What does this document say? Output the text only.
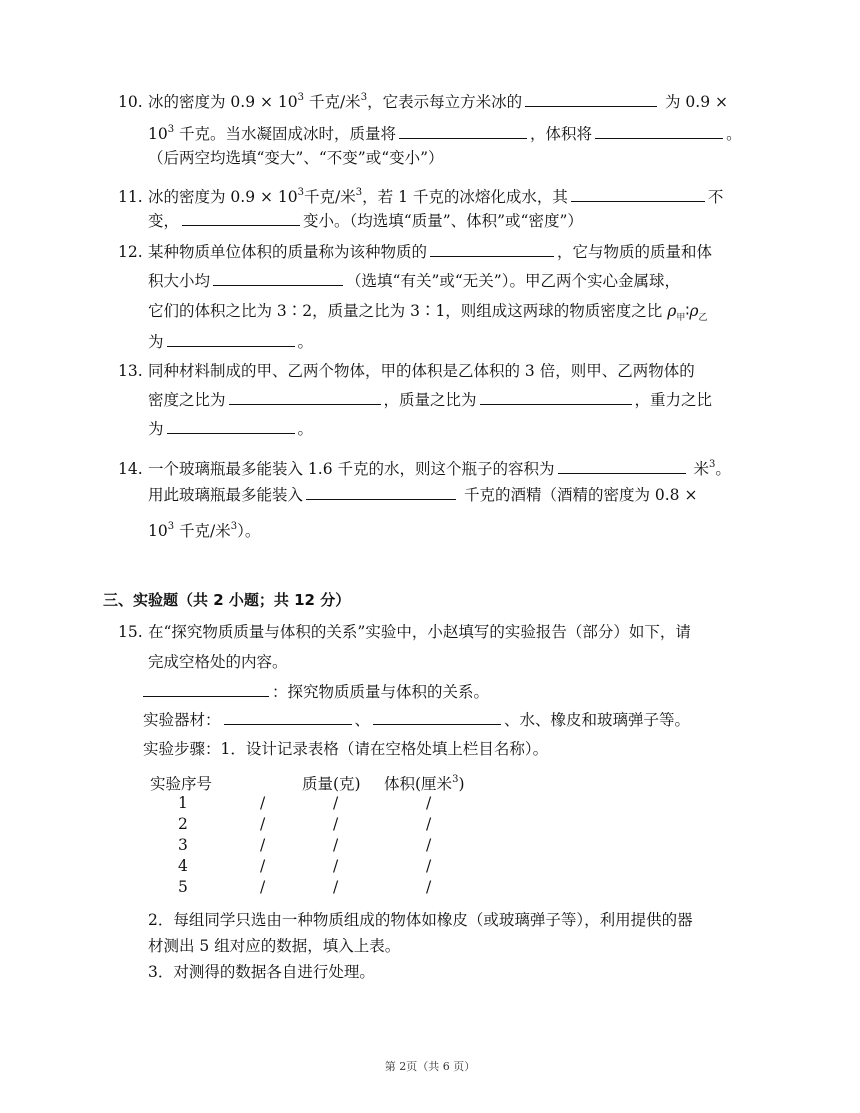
10. 冰的密度为 $0.9 \times 10^3$ 千克/米$^3$，它表示每立方米冰的	为 0.9 ×
$10^3$ 千克。当水凝固成冰时，质量将	，体积将	。
（后两空均选填“变大”、“不变”或“变小”）
11. 冰的密度为 $0.9 \times 10^3$千克/米$^3$，若 1 千克的冰熔化成水，其	不
变，	变小。（均选填“质量”、体积”或“密度”）
12. 某种物质单位体积的质量称为该种物质的	，它与物质的质量和体
积大小均	（选填“有关”或“无关”）。甲乙两个实心金属球，
它们的体积之比为 3∶2，质量之比为 3∶1，则组成这两球的物质密度之比 $\rho_甲∶\rho_乙$
为	。
13. 同种材料制成的甲、乙两个物体，甲的体积是乙体积的 3 倍，则甲、乙两物体的
密度之比为	，质量之比为	，重力之比
为	。
14. 一个玻璃瓶最多能装入 1.6 千克的水，则这个瓶子的容积为	米$^3$。
用此玻璃瓶最多能装入	千克的酒精（酒精的密度为 0.8 ×
$10^3$ 千克/米$^3$）。
三、实验题（共 2 小题；共 12 分）
15. 在“探究物质质量与体积的关系”实验中，小赵填写的实验报告（部分）如下，请
完成空格处的内容。
：探究物质质量与体积的关系。
实验器材：	、	、水、橡皮和玻璃弹子等。
实验步骤：1．设计记录表格（请在空格处填上栏目名称）。
实验序号	质量(克) 体积(厘米$^3$)
1	/	/	/
2	/	/	/
3	/	/	/
4	/	/	/
5	/	/	/
2．每组同学只选由一种物质组成的物体如橡皮（或玻璃弹子等），利用提供的器
材测出 5 组对应的数据，填入上表。
3．对测得的数据各自进行处理。
第 2页（共 6 页）
